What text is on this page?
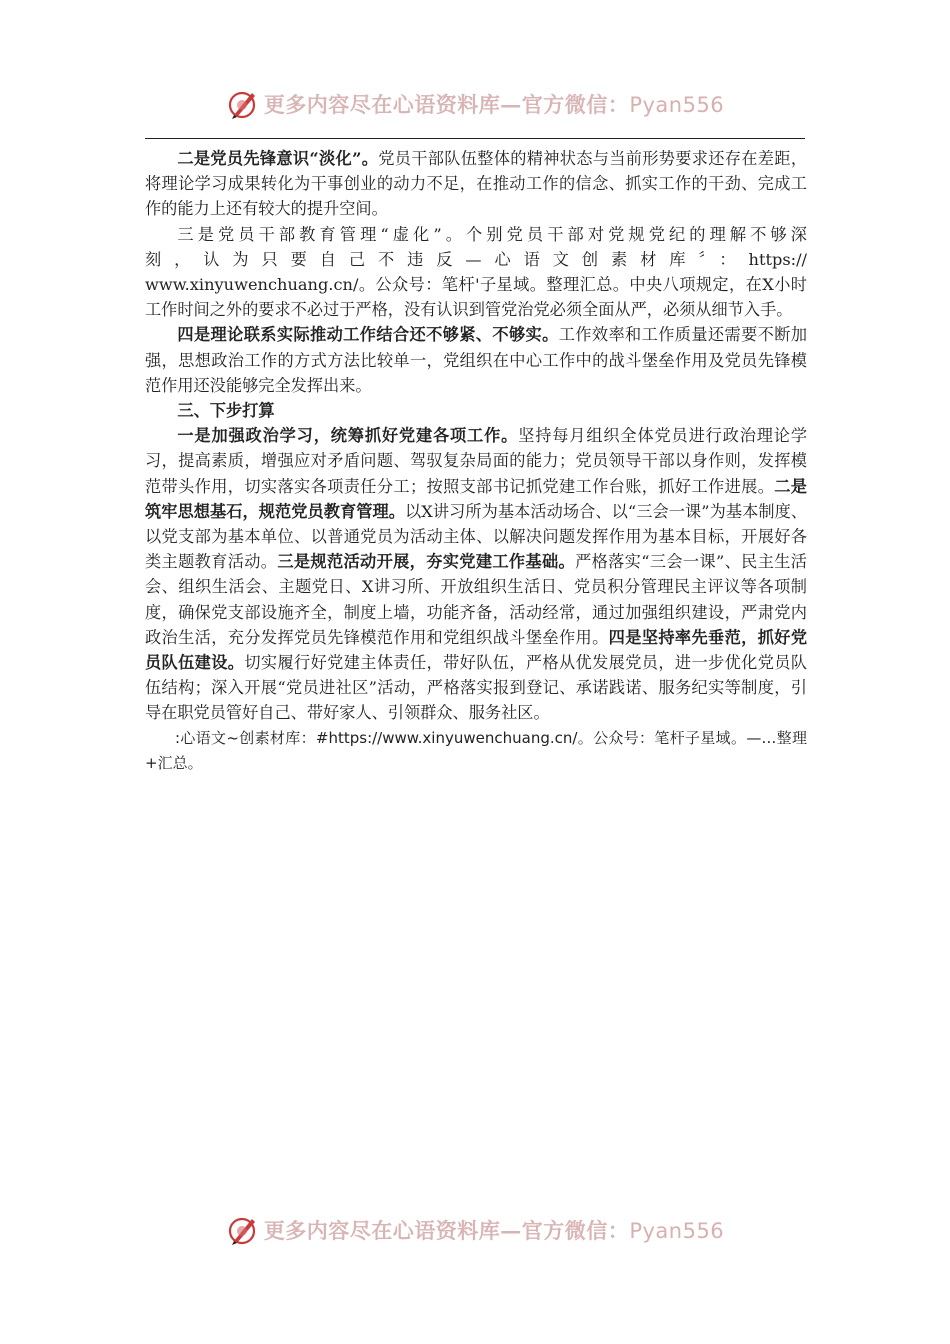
更多内容尽在心语资料库—官方微信：Pyan556

二是党员先锋意识“淡化”。党员干部队伍整体的精神状态与当前形势要求还存在差距，将理论学习成果转化为干事创业的动力不足，在推动工作的信念、抓实工作的干劲、完成工作的能力上还有较大的提升空间。

三是党员干部教育管理“虚化”。个别党员干部对党规党纪的理解不够深

刻，认为只要自己不违反—心语文创素材库〞：https://

www.xinyuwenchuang.cn/。公众号：笔杆'子星域。整理汇总。中央八项规定，在X小时工作时间之外的要求不必过于严格，没有认识到管党治党必须全面从严，必须从细节入手。

四是理论联系实际推动工作结合还不够紧、不够实。工作效率和工作质量还需要不断加强，思想政治工作的方式方法比较单一，党组织在中心工作中的战斗堡垒作用及党员先锋模范作用还没能够完全发挥出来。

三、下步打算

一是加强政治学习，统筹抓好党建各项工作。坚持每月组织全体党员进行政治理论学习，提高素质，增强应对矛盾问题、驾驭复杂局面的能力；党员领导干部以身作则，发挥模范带头作用，切实落实各项责任分工；按照支部书记抓党建工作台账，抓好工作进展。二是筑牢思想基石，规范党员教育管理。以X讲习所为基本活动场合、以“三会一课”为基本制度、以党支部为基本单位、以普通党员为活动主体、以解决问题发挥作用为基本目标，开展好各类主题教育活动。三是规范活动开展，夯实党建工作基础。严格落实“三会一课”、民主生活会、组织生活会、主题党日、X讲习所、开放组织生活日、党员积分管理民主评议等各项制度，确保党支部设施齐全，制度上墙，功能齐备，活动经常，通过加强组织建设，严肃党内政治生活，充分发挥党员先锋模范作用和党组织战斗堡垒作用。四是坚持率先垂范，抓好党员队伍建设。切实履行好党建主体责任，带好队伍，严格从优发展党员，进一步优化党员队伍结构；深入开展“党员进社区”活动，严格落实报到登记、承诺践诺、服务纪实等制度，引导在职党员管好自己、带好家人、引领群众、服务社区。

:心语文~创素材库：#https://www.xinyuwenchuang.cn/。公众号：笔杆子星域。—…整理+汇总。

更多内容尽在心语资料库—官方微信：Pyan556
